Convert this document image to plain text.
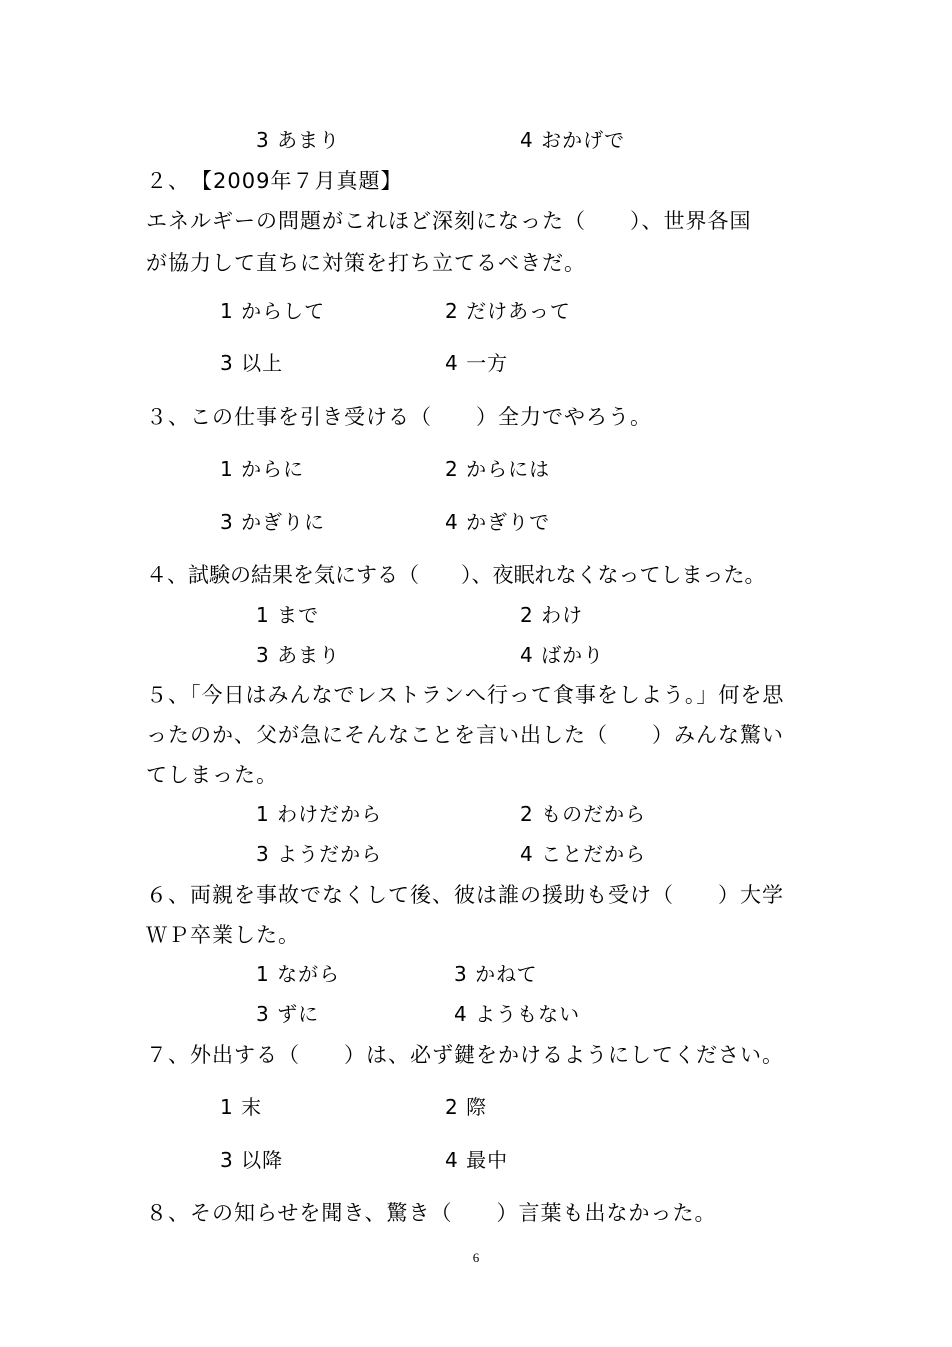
3 あまり	4 おかげで
２、　【2009年７月真題】
エネルギーの問題がこれほど深刻になった（　　）、世界各国
が協力して直ちに対策を打ち立てるべきだ。
1 からして	2 だけあって
3 以上	4 一方
３、この仕事を引き受ける（　　）全力でやろう。
1 からに	2 からには
3 かぎりに	4 かぎりで
４、試験の結果を気にする（　　）、夜眠れなくなってしまった。
1 まで	2 わけ
3 あまり	4 ばかり
５、「今日はみんなでレストランへ行って食事をしよう。」何を思
ったのか、父が急にそんなことを言い出した（　　）みんな驚い
てしまった。
1 わけだから	2 ものだから
3 ようだから	4 ことだから
６、両親を事故でなくして後、彼は誰の援助も受け（　　）大学
ＷＰ卒業した。
1 ながら	3 かねて
3 ずに	4 ようもない
７、外出する（　　）は、必ず鍵をかけるようにしてください。
1 末	2 際
3 以降	4 最中
８、その知らせを聞き、驚き（　　）言葉も出なかった。
6
